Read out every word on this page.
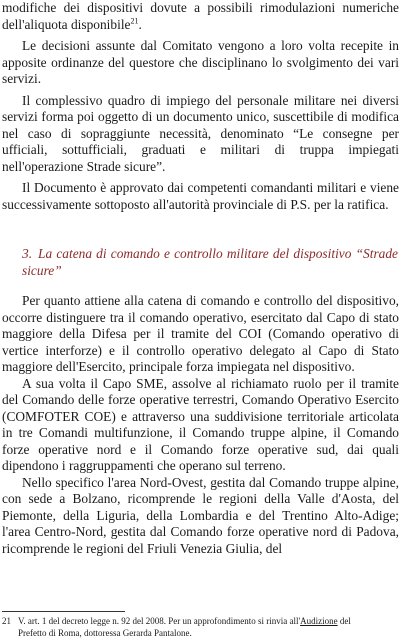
modifiche dei dispositivi dovute a possibili rimodulazioni numeriche dell'aliquota disponibile$^{21}$.

Le decisioni assunte dal Comitato vengono a loro volta recepite in apposite ordinanze del questore che disciplinano lo svolgimento dei vari servizi.

Il complessivo quadro di impiego del personale militare nei diversi servizi forma poi oggetto di un documento unico, suscettibile di modifica nel caso di sopraggiunte necessità, denominato “Le consegne per ufficiali, sottufficiali, graduati e militari di truppa impiegati nell'operazione Strade sicure”.

Il Documento è approvato dai competenti comandanti militari e viene successivamente sottoposto all'autorità provinciale di P.S. per la ratifica.

3. La catena di comando e controllo militare del dispositivo “Strade sicure”

Per quanto attiene alla catena di comando e controllo del dispositivo, occorre distinguere tra il comando operativo, esercitato dal Capo di stato maggiore della Difesa per il tramite del COI (Comando operativo di vertice interforze) e il controllo operativo delegato al Capo di Stato maggiore dell'Esercito, principale forza impiegata nel dispositivo.

A sua volta il Capo SME, assolve al richiamato ruolo per il tramite del Comando delle forze operative terrestri, Comando Operativo Esercito (COMFOTER COE) e attraverso una suddivisione territoriale articolata in tre Comandi multifunzione, il Comando truppe alpine, il Comando forze operative nord e il Comando forze operative sud, dai quali dipendono i raggruppamenti che operano sul terreno.

Nello specifico l'area Nord-Ovest, gestita dal Comando truppe alpine, con sede a Bolzano, ricomprende le regioni della Valle d'Aosta, del Piemonte, della Liguria, della Lombardia e del Trentino Alto-Adige; l'area Centro-Nord, gestita dal Comando forze operative nord di Padova, ricomprende le regioni del Friuli Venezia Giulia, del

21 V. art. 1 del decreto legge n. 92 del 2008. Per un approfondimento si rinvia all'Audizione del
Prefetto di Roma, dottoressa Gerarda Pantalone.
